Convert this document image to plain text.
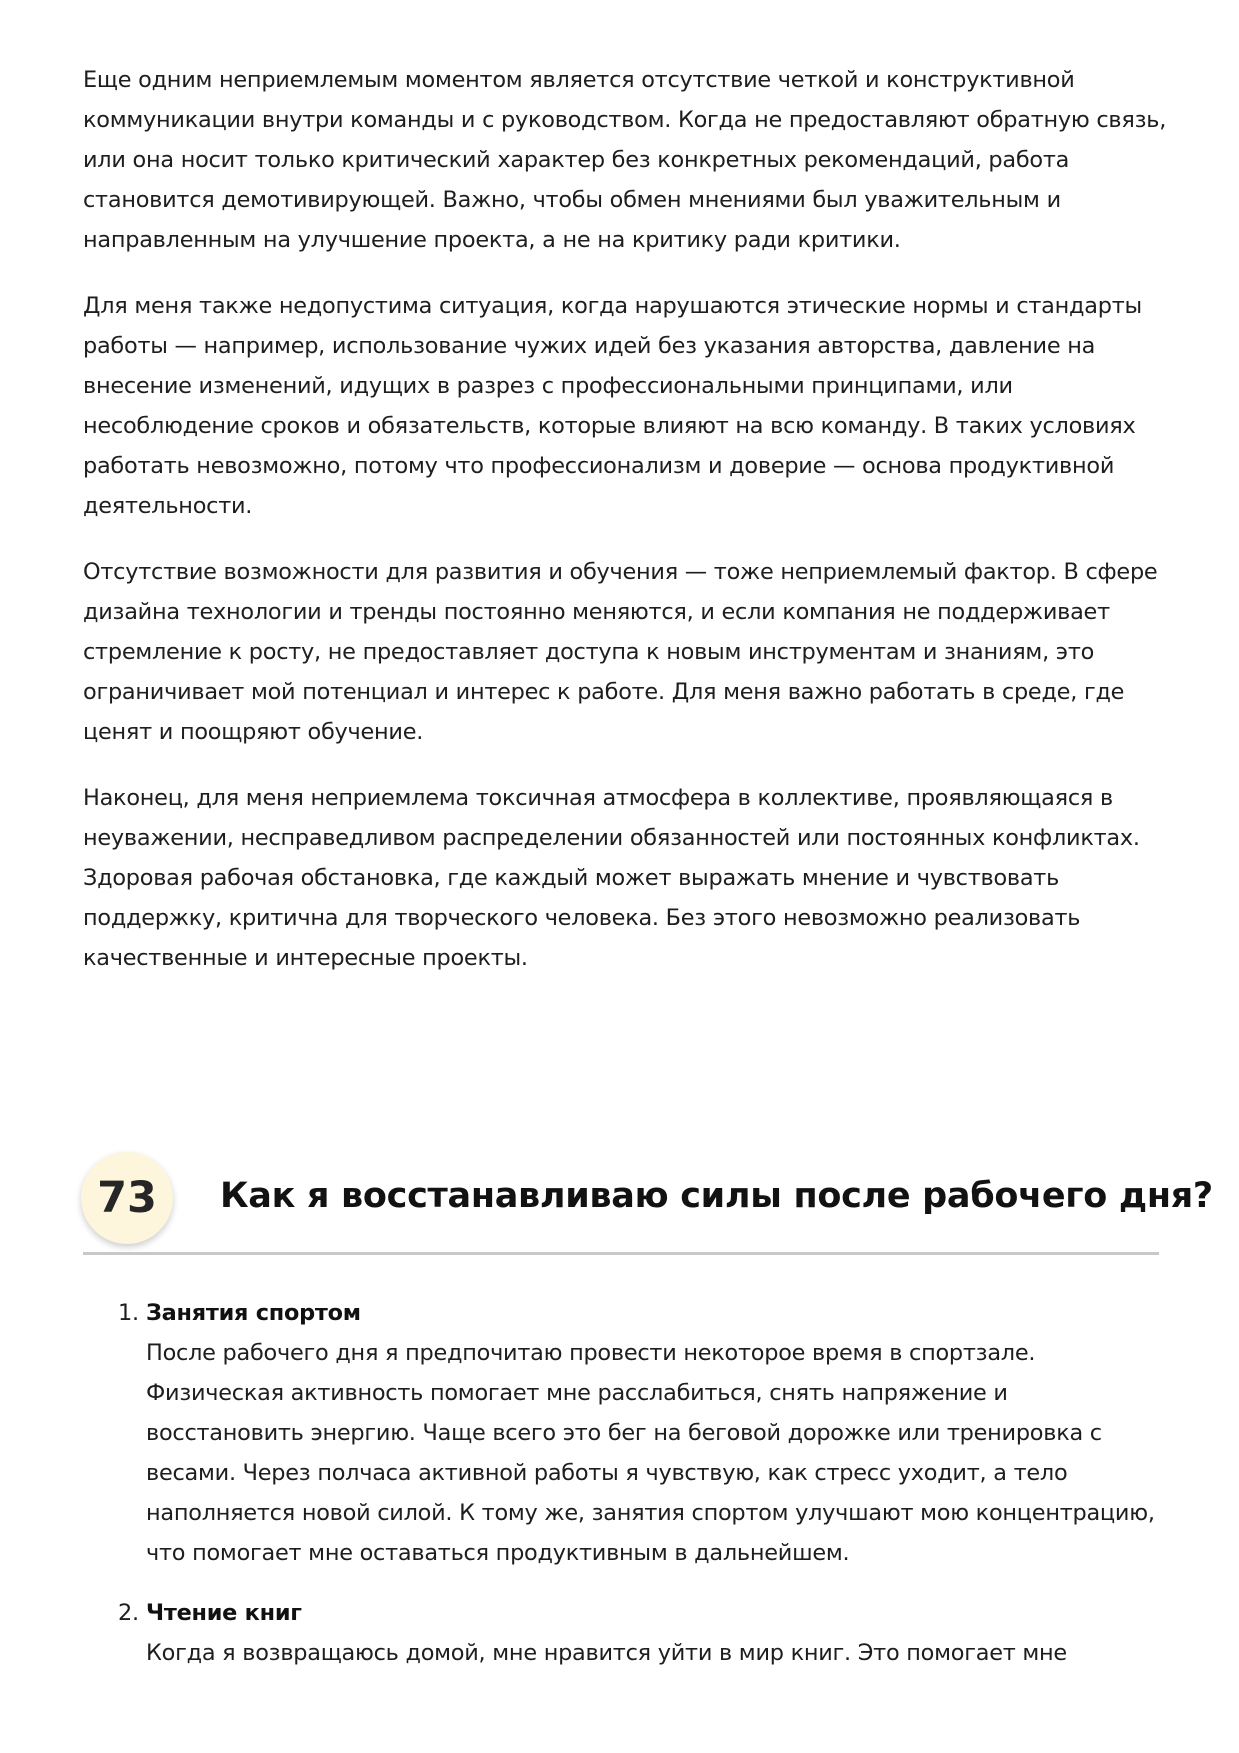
Еще одним неприемлемым моментом является отсутствие четкой и конструктивной коммуникации внутри команды и с руководством. Когда не предоставляют обратную связь, или она носит только критический характер без конкретных рекомендаций, работа становится демотивирующей. Важно, чтобы обмен мнениями был уважительным и направленным на улучшение проекта, а не на критику ради критики.

Для меня также недопустима ситуация, когда нарушаются этические нормы и стандарты работы — например, использование чужих идей без указания авторства, давление на внесение изменений, идущих в разрез с профессиональными принципами, или несоблюдение сроков и обязательств, которые влияют на всю команду. В таких условиях работать невозможно, потому что профессионализм и доверие — основа продуктивной деятельности.

Отсутствие возможности для развития и обучения — тоже неприемлемый фактор. В сфере дизайна технологии и тренды постоянно меняются, и если компания не поддерживает стремление к росту, не предоставляет доступа к новым инструментам и знаниям, это ограничивает мой потенциал и интерес к работе. Для меня важно работать в среде, где ценят и поощряют обучение.

Наконец, для меня неприемлема токсичная атмосфера в коллективе, проявляющаяся в неуважении, несправедливом распределении обязанностей или постоянных конфликтах. Здоровая рабочая обстановка, где каждый может выражать мнение и чувствовать поддержку, критична для творческого человека. Без этого невозможно реализовать качественные и интересные проекты.

73	Как я восстанавливаю силы после рабочего дня?
1. Занятия спортом
После рабочего дня я предпочитаю провести некоторое время в спортзале. Физическая активность помогает мне расслабиться, снять напряжение и восстановить энергию. Чаще всего это бег на беговой дорожке или тренировка с весами. Через полчаса активной работы я чувствую, как стресс уходит, а тело наполняется новой силой. К тому же, занятия спортом улучшают мою концентрацию, что помогает мне оставаться продуктивным в дальнейшем.
2. Чтение книг
Когда я возвращаюсь домой, мне нравится уйти в мир книг. Это помогает мне
